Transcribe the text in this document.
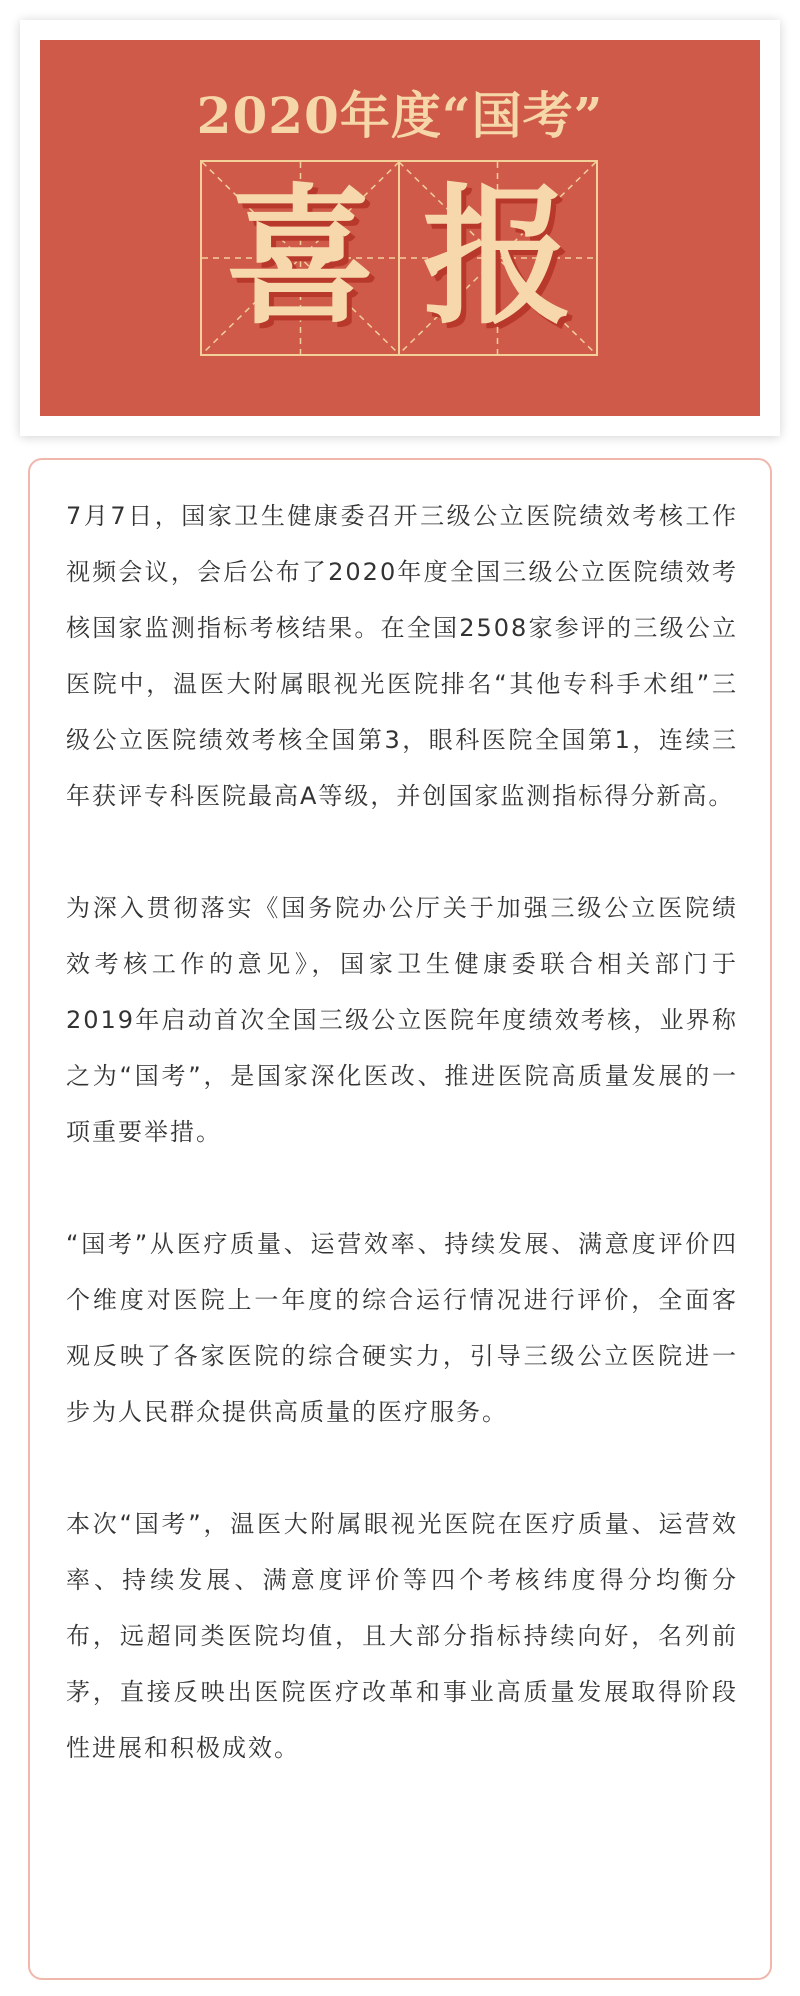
2020年度“国考”
喜 报

7月7日，国家卫生健康委召开三级公立医院绩效考核工作视频会议，会后公布了2020年度全国三级公立医院绩效考核国家监测指标考核结果。在全国2508家参评的三级公立医院中，温医大附属眼视光医院排名“其他专科手术组”三级公立医院绩效考核全国第3，眼科医院全国第1，连续三年获评专科医院最高A等级，并创国家监测指标得分新高。

为深入贯彻落实《国务院办公厅关于加强三级公立医院绩效考核工作的意见》，国家卫生健康委联合相关部门于2019年启动首次全国三级公立医院年度绩效考核，业界称之为“国考”，是国家深化医改、推进医院高质量发展的一项重要举措。

“国考”从医疗质量、运营效率、持续发展、满意度评价四个维度对医院上一年度的综合运行情况进行评价，全面客观反映了各家医院的综合硬实力，引导三级公立医院进一步为人民群众提供高质量的医疗服务。

本次“国考”，温医大附属眼视光医院在医疗质量、运营效率、持续发展、满意度评价等四个考核纬度得分均衡分布，远超同类医院均值，且大部分指标持续向好，名列前茅，直接反映出医院医疗改革和事业高质量发展取得阶段性进展和积极成效。
